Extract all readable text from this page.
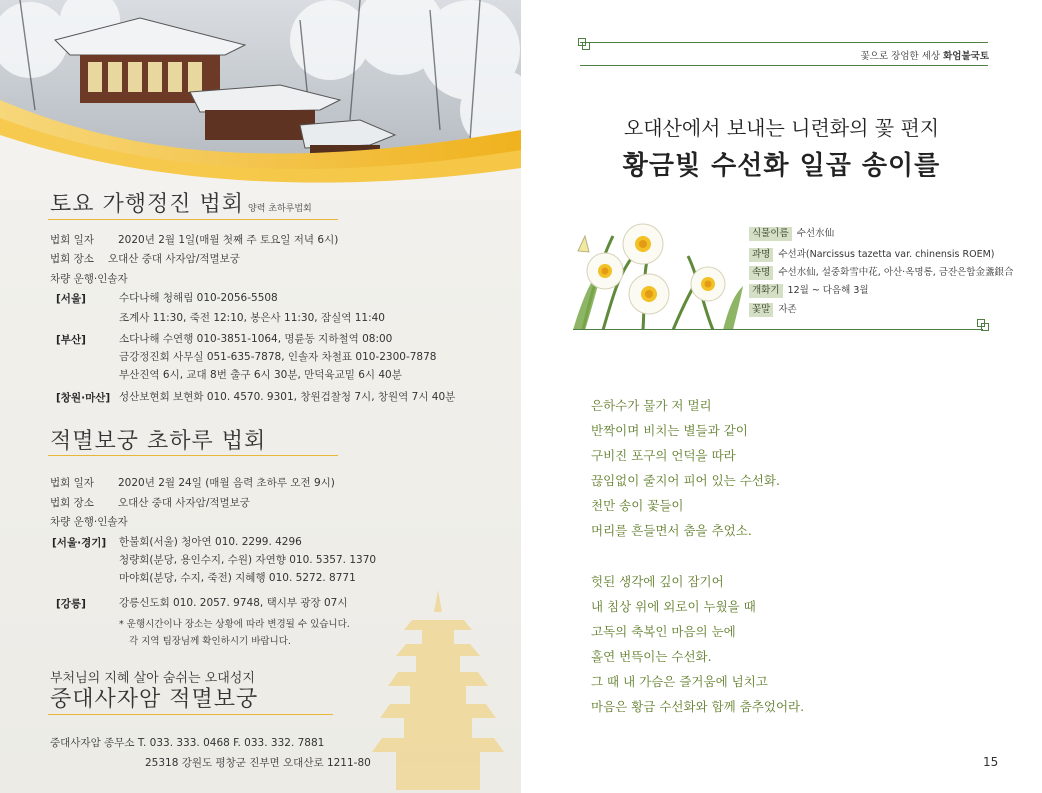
토요 가행정진 법회 양력 초하루법회
법회 일자 2020년 2월 1일(매월 첫째 주 토요일 저녁 6시)
법회 장소 오대산 중대 사자암/적멸보궁
차량 운행·인솔자
[서울]	수다나해 청해림 010-2056-5508
조계사 11:30, 죽전 12:10, 봉은사 11:30, 잠실역 11:40
[부산]	소다나해 수연행 010-3851-1064, 명륜동 지하철역 08:00
금강정진회 사무실 051-635-7878, 인솔자 차철표 010-2300-7878
부산진역 6시, 교대 8번 출구 6시 30분, 만덕육교밑 6시 40분
[창원·마산] 성산보현회 보현화 010. 4570. 9301, 창원검찰청 7시, 창원역 7시 40분
적멸보궁 초하루 법회
법회 일자 2020년 2월 24일 (매월 음력 초하루 오전 9시)
법회 장소 오대산 중대 사자암/적멸보궁
차량 운행·인솔자
[서울·경기] 한불회(서울) 청아연 010. 2299. 4296
청량회(분당, 용인수지, 수원) 자연향 010. 5357. 1370
마야회(분당, 수지, 죽전) 지혜행 010. 5272. 8771
[강릉]	강릉신도회 010. 2057. 9748, 택시부 광장 07시
* 운행시간이나 장소는 상황에 따라 변경될 수 있습니다.
각 지역 팀장님께 확인하시기 바랍니다.
부처님의 지혜 살아 숨쉬는 오대성지
중대사자암 적멸보궁
중대사자암 종무소 T. 033. 333. 0468 F. 033. 332. 7881
25318 강원도 평창군 진부면 오대산로 1211-80
꽃으로 장엄한 세상 화엄불국토
오대산에서 보내는 니련화의 꽃 편지
황금빛 수선화 일곱 송이를
식물이름 수선水仙
과명 수선과(Narcissus tazetta var. chinensis ROEM)
속명 수선水仙, 설중화雪中花, 아산·옥명롱, 금잔은합金盞銀合
개화기 12월 ~ 다음해 3월
꽃말 자존
은하수가 물가 저 멀리
반짝이며 비치는 별들과 같이
구비진 포구의 언덕을 따라
끊임없이 줄지어 피어 있는 수선화.
천만 송이 꽃들이
머리를 흔들면서 춤을 추었소.
헛된 생각에 깊이 잠기어
내 침상 위에 외로이 누웠을 때
고독의 축복인 마음의 눈에
홀연 번뜩이는 수선화.
그 때 내 가슴은 즐거움에 넘치고
마음은 황금 수선화와 함께 춤추었어라.
15
